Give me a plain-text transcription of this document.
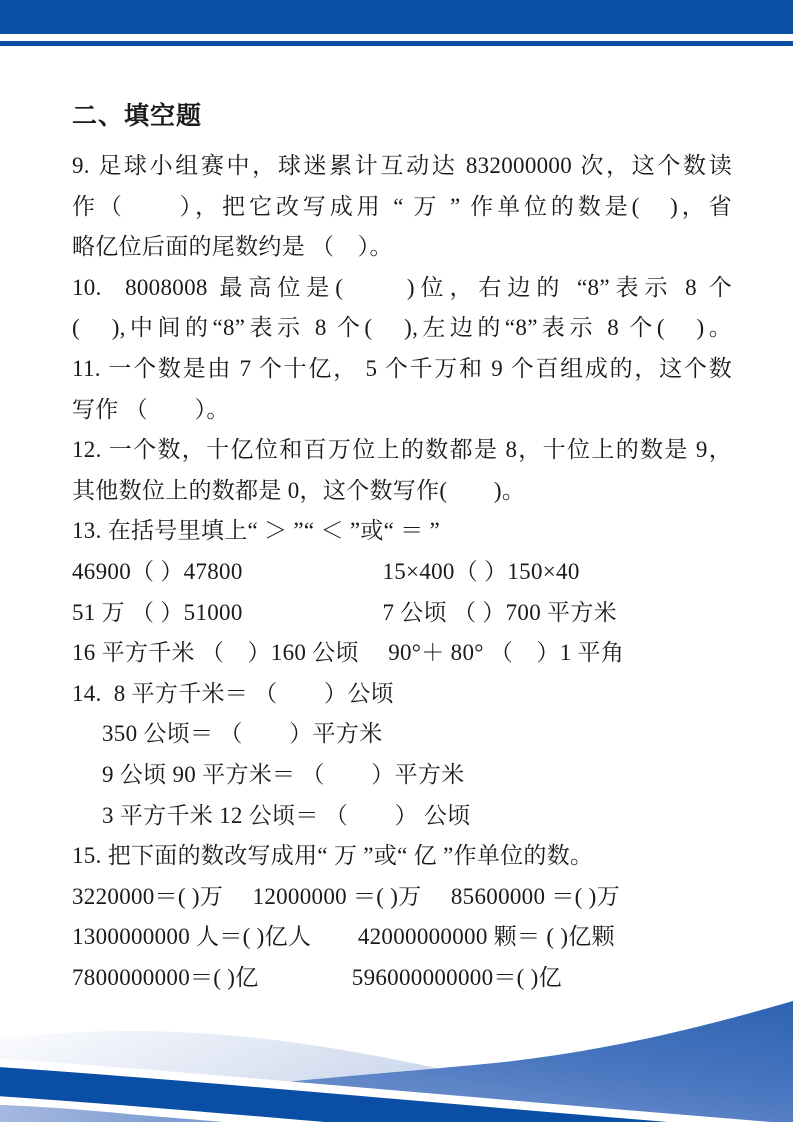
二、填空题
9. 足球小组赛中，球迷累计互动达 832000000 次，这个数读
作（　　），把它改写成用 “ 万 ” 作单位的数是(　)，省
略亿位后面的尾数约是 （　）。
10.  8008008 最高位是(　　)位，右边的 “8”表示 8 个
(　),中间的“8”表示 8 个(　),左边的“8”表示 8 个(　)。
11. 一个数是由 7 个十亿， 5 个千万和 9 个百组成的，这个数
写作 （　　）。
12. 一个数，十亿位和百万位上的数都是 8，十位上的数是 9，
其他数位上的数都是 0，这个数写作(　　)。
13. 在括号里填上“ ＞ ”“ ＜ ”或“ ＝ ”
46900（ ）47800　　　　　　15×400（ ）150×40
51 万 （ ）51000　　　　　　7 公顷 （ ）700 平方米
16 平方千米 （　）160 公顷　 90°＋ 80° （　）1 平角
14.  8 平方千米＝ （　　）公顷
350 公顷＝ （　　）平方米
9 公顷 90 平方米＝ （　　）平方米
3 平方千米 12 公顷＝ （　　） 公顷
15. 把下面的数改写成用“ 万 ”或“ 亿 ”作单位的数。
3220000＝( )万　 12000000 ＝( )万　 85600000 ＝( )万
1300000000 人＝( )亿人　　42000000000 颗＝ ( )亿颗
7800000000＝( )亿　　　　596000000000＝( )亿
